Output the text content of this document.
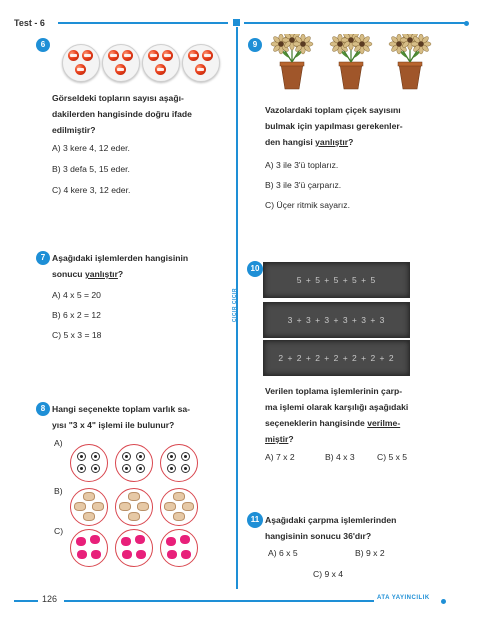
Test - 6
ÇICIR ÇICIR
6
Görseldeki topların sayısı aşağı-
dakilerden hangisinde doğru ifade
edilmiştir?
A) 3 kere 4, 12 eder.
B) 3 defa 5, 15 eder.
C) 4 kere 3, 12 eder.
7 Aşağıdaki işlemlerden hangisinin
sonucu yanlıştır?
A) 4 x 5 = 20
B) 6 x 2 = 12
C) 5 x 3 = 18
8 Hangi seçenekte toplam varlık sa-
yısı "3 x 4" işlemi ile bulunur?
A)
B)
C)
9
Vazolardaki toplam çiçek sayısını
bulmak için yapılması gerekenler-
den hangisi yanlıştır?
A) 3 ile 3'ü toplarız.
B) 3 ile 3'ü çarparız.
C) Üçer ritmik sayarız.
10
5 + 5 + 5 + 5 + 5
3 + 3 + 3 + 3 + 3 + 3
2 + 2 + 2 + 2 + 2 + 2 + 2
Verilen toplama işlemlerinin çarp-
ma işlemi olarak karşılığı aşağıdaki
seçeneklerin hangisinde verilme-
miştir?
A) 7 x 2	B) 4 x 3	C) 5 x 5
11 Aşağıdaki çarpma işlemlerinden
hangisinin sonucu 36'dır?
A) 6 x 5	B) 9 x 2
C) 9 x 4
126	ATA YAYINCILIK
